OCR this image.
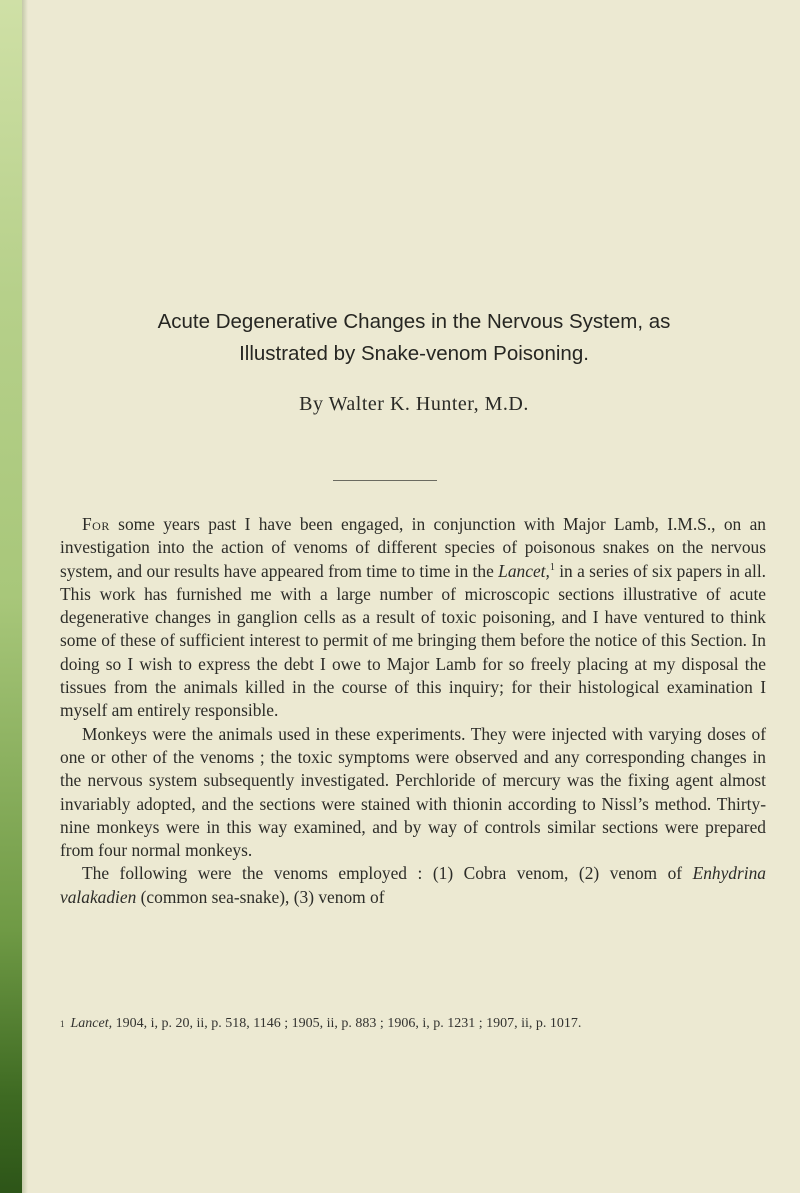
Acute Degenerative Changes in the Nervous System, as
Illustrated by Snake-venom Poisoning.
By Walter K. Hunter, M.D.

For some years past I have been engaged, in conjunction with Major Lamb, I.M.S., on an investigation into the action of venoms of different species of poisonous snakes on the nervous system, and our results have appeared from time to time in the Lancet,$^1$ in a series of six papers in all. This work has furnished me with a large number of microscopic sections illustrative of acute degenerative changes in ganglion cells as a result of toxic poisoning, and I have ventured to think some of these of sufficient interest to permit of me bringing them before the notice of this Section. In doing so I wish to express the debt I owe to Major Lamb for so freely placing at my disposal the tissues from the animals killed in the course of this inquiry; for their histological examination I myself am entirely responsible.

Monkeys were the animals used in these experiments. They were injected with varying doses of one or other of the venoms ; the toxic symptoms were observed and any corresponding changes in the nervous system subsequently investigated. Perchloride of mercury was the fixing agent almost invariably adopted, and the sections were stained with thionin according to Nissl’s method. Thirty-nine monkeys were in this way examined, and by way of controls similar sections were prepared from four normal monkeys.

The following were the venoms employed : (1) Cobra venom, (2) venom of Enhydrina valakadien (common sea-snake), (3) venom of

$^1$ Lancet, 1904, i, p. 20, ii, p. 518, 1146 ; 1905, ii, p. 883 ; 1906, i, p. 1231 ; 1907, ii, p. 1017.
